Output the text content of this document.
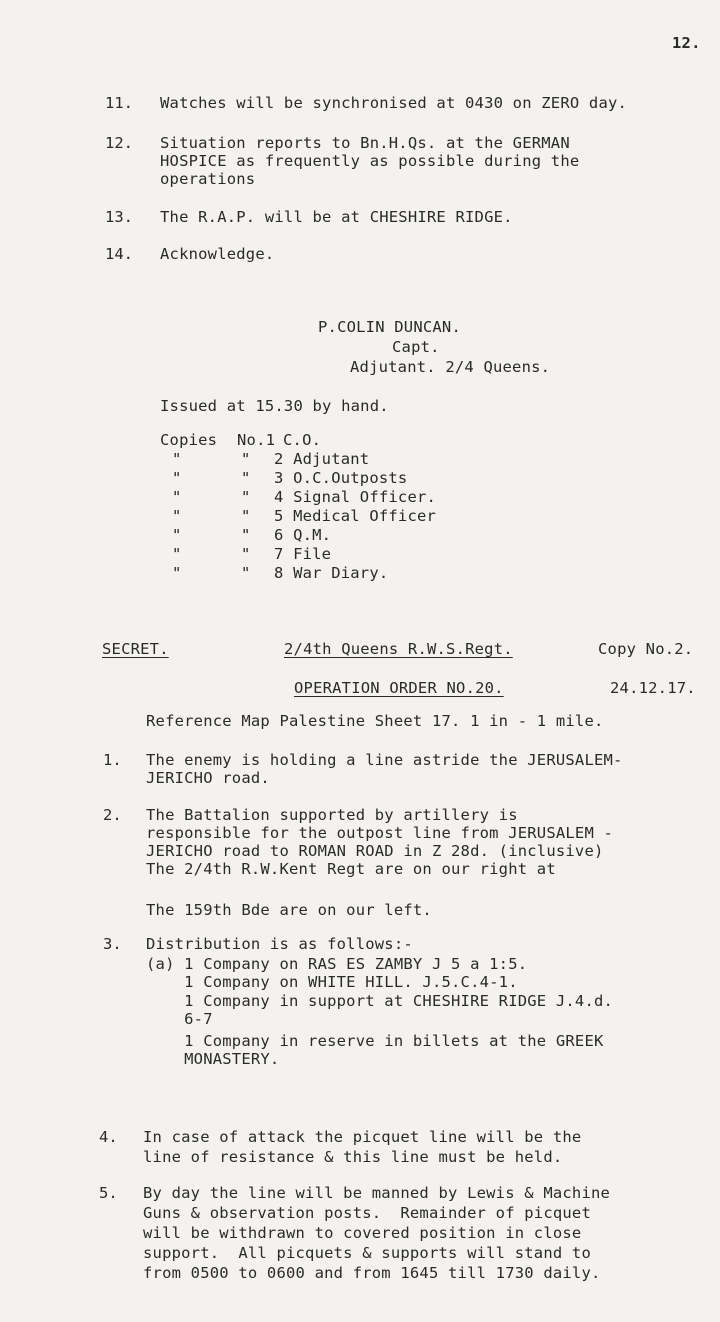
12.
11. Watches will be synchronised at 0430 on ZERO day.
12. Situation reports to Bn.H.Qs. at the GERMAN
HOSPICE as frequently as possible during the
operations
13. The R.A.P. will be at CHESHIRE RIDGE.
14. Acknowledge.
P.COLIN DUNCAN.
Capt.
Adjutant. 2/4 Queens.
Issued at 15.30 by hand.
Copies No.1 C.O.
"	" 2 Adjutant
"	" 3 O.C.Outposts
"	" 4 Signal Officer.
"	" 5 Medical Officer
"	" 6 Q.M.
"	" 7 File
"	" 8 War Diary.
SECRET.	2/4th Queens R.W.S.Regt.	Copy No.2.
OPERATION ORDER NO.20.	24.12.17.
Reference Map Palestine Sheet 17. 1 in - 1 mile.
1. The enemy is holding a line astride the JERUSALEM-
JERICHO road.
2. The Battalion supported by artillery is
responsible for the outpost line from JERUSALEM -
JERICHO road to ROMAN ROAD in Z 28d. (inclusive)
The 2/4th R.W.Kent Regt are on our right at
The 159th Bde are on our left.
3. Distribution is as follows:-
(a) 1 Company on RAS ES ZAMBY J 5 a 1:5.
1 Company on WHITE HILL. J.5.C.4-1.
1 Company in support at CHESHIRE RIDGE J.4.d.
6-7
1 Company in reserve in billets at the GREEK
MONASTERY.
4. In case of attack the picquet line will be the
line of resistance & this line must be held.
5. By day the line will be manned by Lewis & Machine
Guns & observation posts.  Remainder of picquet
will be withdrawn to covered position in close
support.  All picquets & supports will stand to
from 0500 to 0600 and from 1645 till 1730 daily.
